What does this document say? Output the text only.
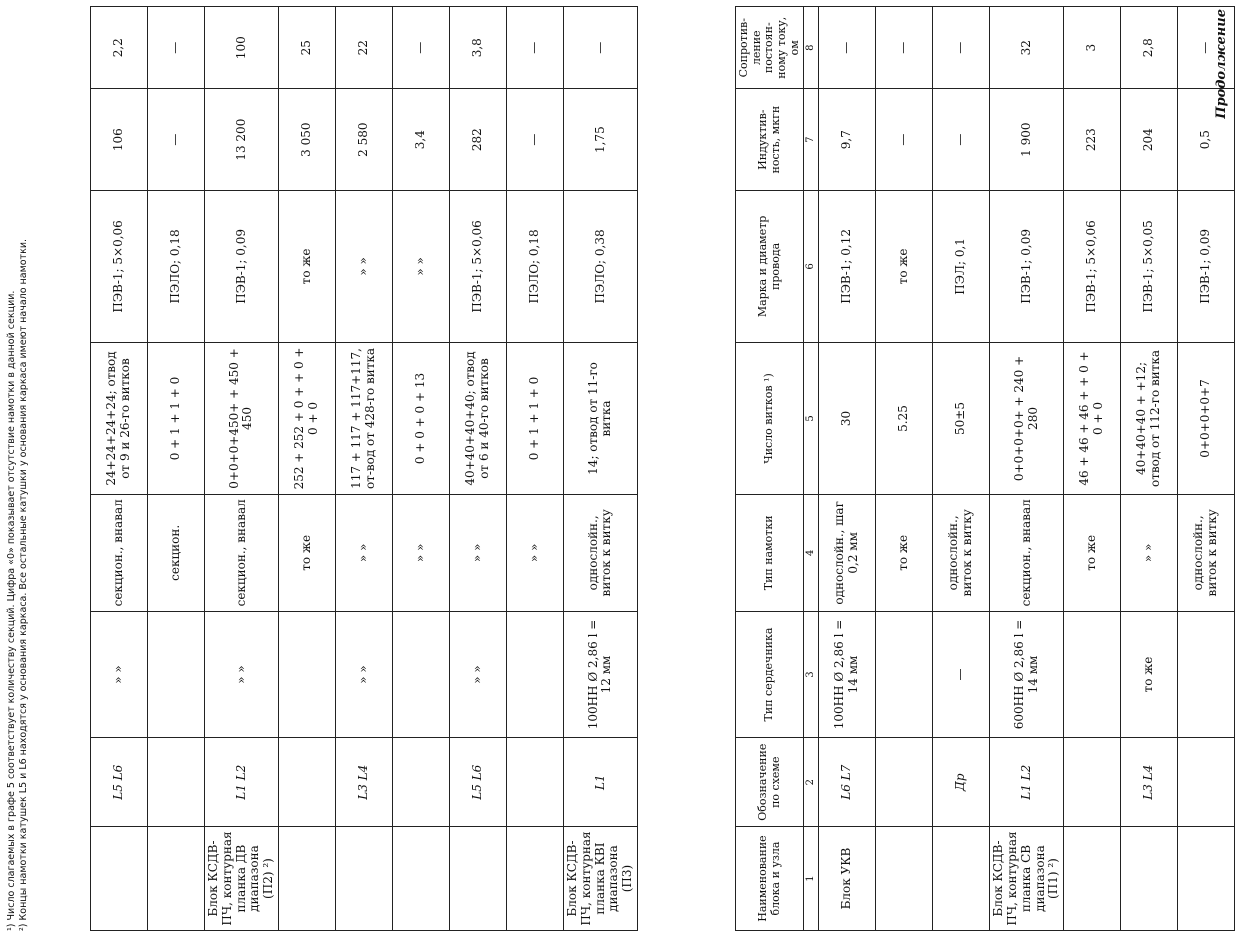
Продолжение
Наименование блока и узла	Обозначение по схеме	Тип сердечника	Тип намотки	Число витков ¹)	Марка и диаметр провода	Индуктив-ность, мкгн	Сопротив-ление постоян-ному току, ом
1	2	3	4	5	6	7	8
Блок УКВ	L6 L7	100НН Ø 2,86 l = 14 мм	однослойн., шаг 0,2 мм	30	ПЭВ-1; 0,12	9,7	—
			то же	5.25	то же	—	—
	Др	—	однослойн., виток к витку	50±5	ПЭЛ; 0,1	—	—
Блок КСДВ-ПЧ, контурная планка СВ диапазона (П1) ²)	L1 L2	600НН Ø 2,86 l = 14 мм	секцион., внавал	0+0+0+0+ + 240 + 280	ПЭВ-1; 0,09	1 900	32
			то же	46 + 46 + 46 + + 0 + 0 + 0	ПЭВ-1; 5×0,06	223	3
	L3 L4	то же	» »	40+40+40 + +12; отвод от 112-го витка	ПЭВ-1; 5×0,05	204	2,8
			однослойн., виток к витку	0+0+0+0+7	ПЭВ-1; 0,09	0,5	—
	L5 L6	» »	секцион., внавал	24+24+24+24; отвод от 9 и 26-го витков	ПЭВ-1; 5×0,06	106	2,2
			секцион.	0 + 1 + 1 + 0	ПЭЛО; 0,18	—	—
Блок КСДВ-ПЧ, контурная планка ДВ диапазона (П2) ²)	L1 L2	» »	секцион., внавал	0+0+0+450+ + 450 + 450	ПЭВ-1; 0,09	13 200	100
			то же	252 + 252 + 0 + + 0 + 0 + 0	то же	3 050	25
	L3 L4	» »	» »	117 + 117 + 117+117, от-вод от 428-го витка	» »	2 580	22
			» »	0 + 0 + 0 + 13	» »	3,4	—
	L5 L6	» »	» »	40+40+40+40; отвод от 6 и 40-го витков	ПЭВ-1; 5×0,06	282	3,8
			» »	0 + 1 + 1 + 0	ПЭЛО; 0,18	—	—
Блок КСДВ-ПЧ, контурная планка КВI диапазона (П3)	L1	100НН Ø 2,86 l = 12 мм	однослойн., виток к витку	14; отвод от 11-го витка	ПЭЛО; 0,38	1,75	—
¹) Число слагаемых в графе 5 соответствует количеству секций. Цифра «0» показывает отсутствие намотки в данной секции. ²) Концы намотки катушек L5 и L6 находятся у основания каркаса. Все остальные катушки у основания каркаса имеют начало намотки.
